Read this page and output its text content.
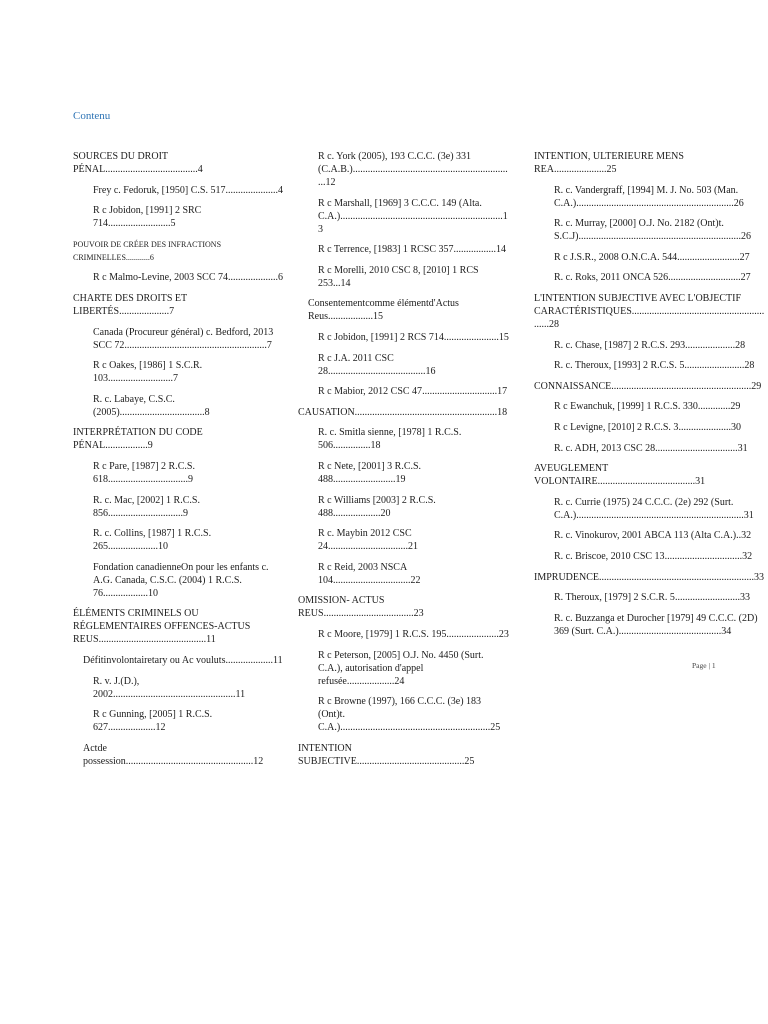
Contenu
SOURCES DU DROIT PÉNAL.....................................4
Frey c. Fedoruk, [1950] C.S. 517.....................4
R c Jobidon, [1991] 2 SRC 714.........................5
POUVOIR DE CRÉER DES INFRACTIONS CRIMINELLES............6
R c Malmo-Levine, 2003 SCC 74....................6
CHARTE DES DROITS ET LIBERTÉS....................7
Canada (Procureur général) c. Bedford, 2013 SCC 72.........................................................7
R c Oakes, [1986] 1 S.C.R. 103..........................7
R. c. Labaye, C.S.C. (2005)..................................8
INTERPRÉTATION DU CODE PÉNAL.................9
R c Pare, [1987] 2 R.C.S. 618................................9
R. c. Mac, [2002] 1 R.C.S. 856..............................9
R. c. Collins, [1987] 1 R.C.S. 265....................10
Fondation canadienneOn pour les enfants c. A.G. Canada, C.S.C. (2004) 1 R.C.S. 76..................10
ÉLÉMENTS CRIMINELS OU RÉGLEMENTAIRES OFFENCES-ACTUS REUS...........................................11
Défitinvolontairetary ou Ac vouluts...................11
R. v. J.(D.), 2002.................................................11
R c Gunning, [2005] 1 R.C.S. 627...................12
Actde possession...................................................12
R c. York (2005), 193 C.C.C. (3e) 331 (C.A.B.).................................................................12
R c Marshall, [1969] 3 C.C.C. 149 (Alta. C.A.).................................................................13
R c Terrence, [1983] 1 RCSC 357.................14
R c Morelli, 2010 CSC 8, [2010] 1 RCS 253...14
Consentementcomme élémentd'Actus Reus..................15
R c Jobidon, [1991] 2 RCS 714......................15
R c J.A. 2011 CSC 28.......................................16
R c Mabior, 2012 CSC 47..............................17
CAUSATION.........................................................18
R. c. Smitla sienne, [1978] 1 R.C.S. 506...............18
R c Nete, [2001] 3 R.C.S. 488.........................19
R c Williams [2003] 2 R.C.S. 488...................20
R c. Maybin 2012 CSC 24................................21
R c Reid, 2003 NSCA 104...............................22
OMISSION- ACTUS REUS....................................23
R c Moore, [1979] 1 R.C.S. 195.....................23
R c Peterson, [2005] O.J. No. 4450 (Surt. C.A.), autorisation d'appel refusée...................24
R c Browne (1997), 166 C.C.C. (3e) 183 (Ont)t. C.A.)............................................................25
INTENTION SUBJECTIVE...........................................25
INTENTION, ULTERIEURE MENS REA.....................25
R. c. Vandergraff, [1994] M. J. No. 503 (Man. C.A.)...............................................................26
R. c. Murray, [2000] O.J. No. 2182 (Ont)t. S.C.J).................................................................26
R c J.S.R., 2008 O.N.C.A. 544.........................27
R. c. Roks, 2011 ONCA 526.............................27
L'INTENTION SUBJECTIVE AVEC L'OBJECTIF CARACTÉRISTIQUES...........................................................28
R. c. Chase, [1987] 2 R.C.S. 293....................28
R. c. Theroux, [1993] 2 R.C.S. 5........................28
CONNAISSANCE........................................................29
R c Ewanchuk, [1999] 1 R.C.S. 330.............29
R c Levigne, [2010] 2 R.C.S. 3.....................30
R. c. ADH, 2013 CSC 28.................................31
AVEUGLEMENT VOLONTAIRE.......................................31
R. c. Currie (1975) 24 C.C.C. (2e) 292 (Surt. C.A.)...................................................................31
R. c. Vinokurov, 2001 ABCA 113 (Alta C.A.)..32
R. c. Briscoe, 2010 CSC 13...............................32
IMPRUDENCE..............................................................33
R. Theroux, [1979] 2 S.C.R. 5..........................33
R. c. Buzzanga et Durocher [1979] 49 C.C.C. (2D) 369 (Surt. C.A.).........................................34
Page | 1
